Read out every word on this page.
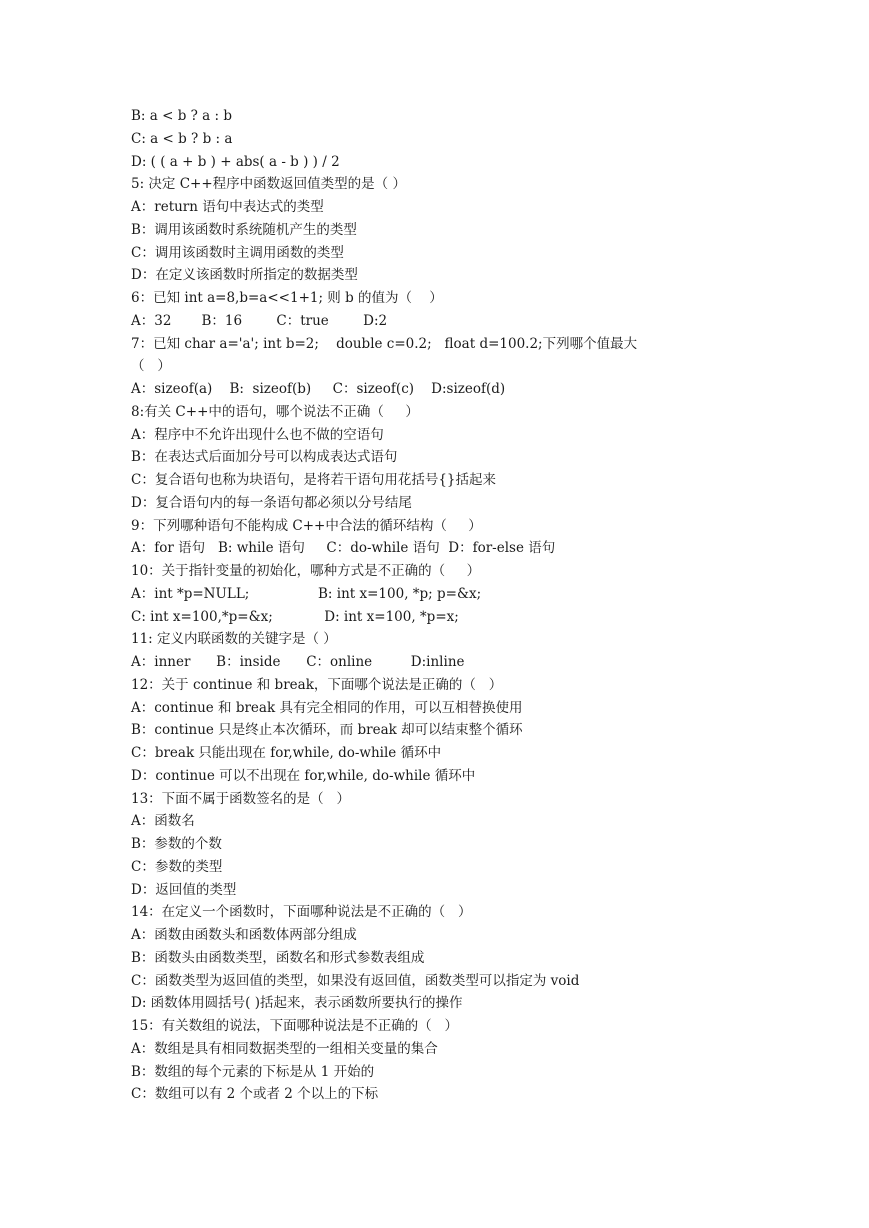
B: a < b ? a : b
C: a < b ? b : a
D: ( ( a + b ) + abs( a - b ) ) / 2
5: 决定 C++程序中函数返回值类型的是（ ）
A：return 语句中表达式的类型
B：调用该函数时系统随机产生的类型
C：调用该函数时主调用函数的类型
D：在定义该函数时所指定的数据类型
6：已知 int a=8,b=a<<1+1; 则 b 的值为（    ）
A：32       B：16        C：true        D:2
7：已知 char a='a'; int b=2;    double c=0.2;   float d=100.2;下列哪个值最大
（   ）
A：sizeof(a)    B:  sizeof(b)     C：sizeof(c)    D:sizeof(d)
8:有关 C++中的语句，哪个说法不正确（     ）
A：程序中不允许出现什么也不做的空语句
B：在表达式后面加分号可以构成表达式语句
C：复合语句也称为块语句，是将若干语句用花括号{}括起来
D：复合语句内的每一条语句都必须以分号结尾
9：下列哪种语句不能构成 C++中合法的循环结构（     ）
A：for 语句   B: while 语句     C：do-while 语句  D：for-else 语句
10：关于指针变量的初始化，哪种方式是不正确的（     ）
A：int *p=NULL;                B: int x=100, *p; p=&x;
C: int x=100,*p=&x;            D: int x=100, *p=x;
11: 定义内联函数的关键字是（ ）
A：inner      B：inside      C：online         D:inline
12：关于 continue 和 break，下面哪个说法是正确的（   ）
A：continue 和 break 具有完全相同的作用，可以互相替换使用
B：continue 只是终止本次循环，而 break 却可以结束整个循环
C：break 只能出现在 for,while, do-while 循环中
D：continue 可以不出现在 for,while, do-while 循环中
13：下面不属于函数签名的是（   ）
A：函数名
B：参数的个数
C：参数的类型
D：返回值的类型
14：在定义一个函数时，下面哪种说法是不正确的（   ）
A：函数由函数头和函数体两部分组成
B：函数头由函数类型，函数名和形式参数表组成
C：函数类型为返回值的类型，如果没有返回值，函数类型可以指定为 void
D: 函数体用圆括号( )括起来，表示函数所要执行的操作
15：有关数组的说法，下面哪种说法是不正确的（   ）
A：数组是具有相同数据类型的一组相关变量的集合
B：数组的每个元素的下标是从 1 开始的
C：数组可以有 2 个或者 2 个以上的下标
